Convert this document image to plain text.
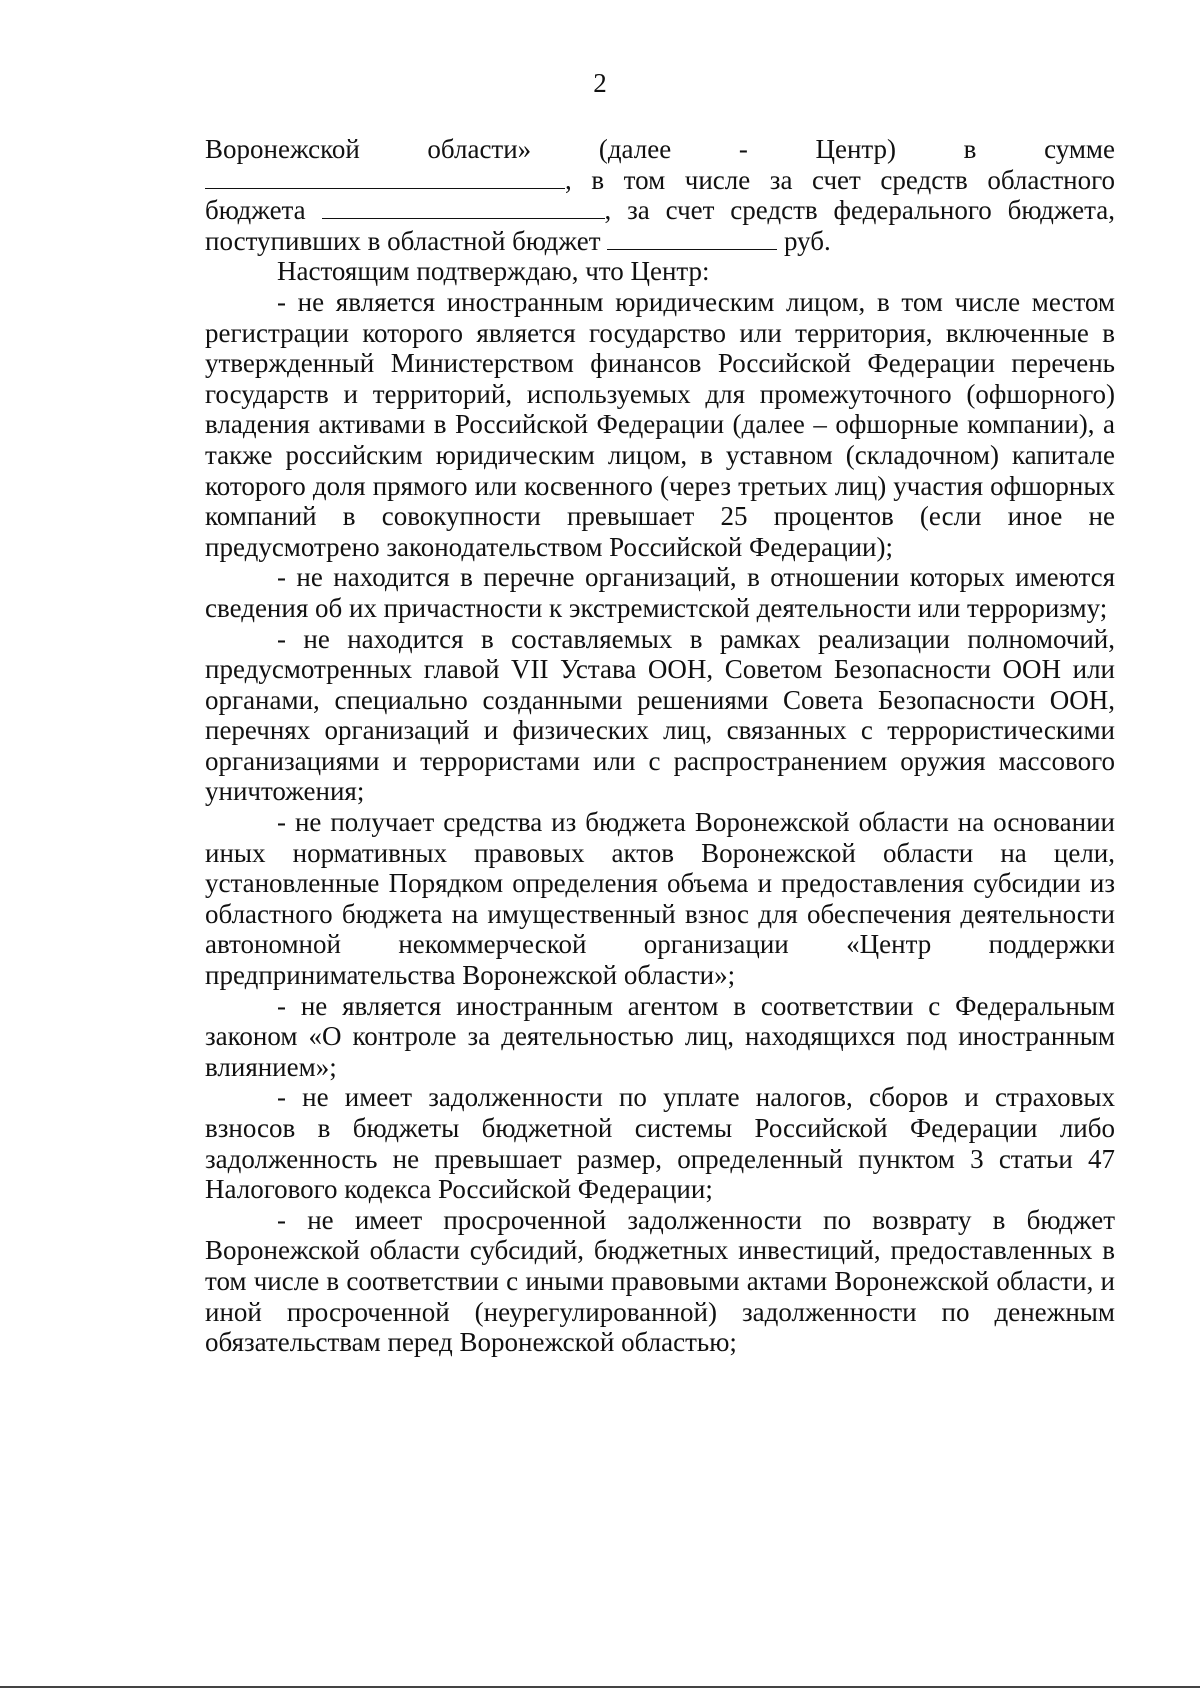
2

Воронежской области» (далее - Центр) в сумме , в том числе за счет средств областного бюджета	, за счет средств федерального бюджета, поступивших в областной бюджет	руб.

Настоящим подтверждаю, что Центр:

- не является иностранным юридическим лицом, в том числе местом регистрации которого является государство или территория, включенные в утвержденный Министерством финансов Российской Федерации перечень государств и территорий, используемых для промежуточного (офшорного) владения активами в Российской Федерации (далее – офшорные компании), а также российским юридическим лицом, в уставном (складочном) капитале которого доля прямого или косвенного (через третьих лиц) участия офшорных компаний в совокупности превышает 25 процентов (если иное не предусмотрено законодательством Российской Федерации);

- не находится в перечне организаций, в отношении которых имеются сведения об их причастности к экстремистской деятельности или терроризму;

- не находится в составляемых в рамках реализации полномочий, предусмотренных главой VII Устава ООН, Советом Безопасности ООН или органами, специально созданными решениями Совета Безопасности ООН, перечнях организаций и физических лиц, связанных с террористическими организациями и террористами или с распространением оружия массового уничтожения;

- не получает средства из бюджета Воронежской области на основании иных нормативных правовых актов Воронежской области на цели, установленные Порядком определения объема и предоставления субсидии из областного бюджета на имущественный взнос для обеспечения деятельности автономной некоммерческой организации «Центр поддержки предпринимательства Воронежской области»;

- не является иностранным агентом в соответствии с Федеральным законом «О контроле за деятельностью лиц, находящихся под иностранным влиянием»;

- не имеет задолженности по уплате налогов, сборов и страховых взносов в бюджеты бюджетной системы Российской Федерации либо задолженность не превышает размер, определенный пунктом 3 статьи 47 Налогового кодекса Российской Федерации;

- не имеет просроченной задолженности по возврату в бюджет Воронежской области субсидий, бюджетных инвестиций, предоставленных в том числе в соответствии с иными правовыми актами Воронежской области, и иной просроченной (неурегулированной) задолженности по денежным обязательствам перед Воронежской областью;
